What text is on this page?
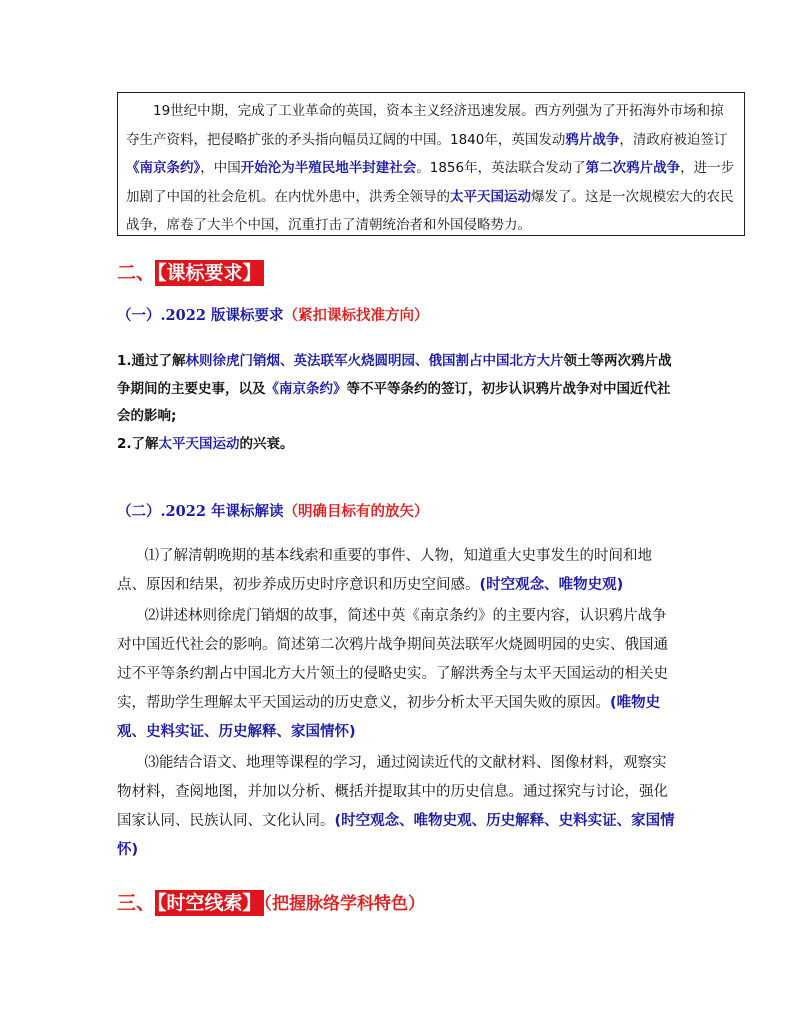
19世纪中期，完成了工业革命的英国，资本主义经济迅速发展。西方列强为了开拓海外市场和掠夺生产资料，把侵略扩张的矛头指向幅员辽阔的中国。1840年，英国发动鸦片战争，清政府被迫签订《南京条约》，中国开始沦为半殖民地半封建社会。1856年，英法联合发动了第二次鸦片战争，进一步加剧了中国的社会危机。在内忧外患中，洪秀全领导的太平天国运动爆发了。这是一次规模宏大的农民战争，席卷了大半个中国，沉重打击了清朝统治者和外国侵略势力。

二、 【课标要求】
（一）.2022 版课标要求（紧扣课标找准方向）

1.通过了解林则徐虎门销烟、英法联军火烧圆明园、俄国割占中国北方大片领土等两次鸦片战争期间的主要史事，以及《南京条约》等不平等条约的签订，初步认识鸦片战争对中国近代社会的影响;

2.了解太平天国运动的兴衰。

（二）.2022 年课标解读（明确目标有的放矢）

⑴了解清朝晚期的基本线索和重要的事件、人物，知道重大史事发生的时间和地点、原因和结果，初步养成历史时序意识和历史空间感。(时空观念、唯物史观)

⑵讲述林则徐虎门销烟的故事，简述中英《南京条约》的主要内容，认识鸦片战争对中国近代社会的影响。简述第二次鸦片战争期间英法联军火烧圆明园的史实、俄国通过不平等条约割占中国北方大片领土的侵略史实。了解洪秀全与太平天国运动的相关史实，帮助学生理解太平天国运动的历史意义，初步分析太平天国失败的原因。(唯物史观、史料实证、历史解释、家国情怀)

⑶能结合语文、地理等课程的学习，通过阅读近代的文献材料、图像材料，观察实物材料，查阅地图，并加以分析、概括并提取其中的历史信息。通过探究与讨论，强化国家认同、民族认同、文化认同。(时空观念、唯物史观、历史解释、史料实证、家国情怀)

三、 【时空线索】 （把握脉络学科特色）
